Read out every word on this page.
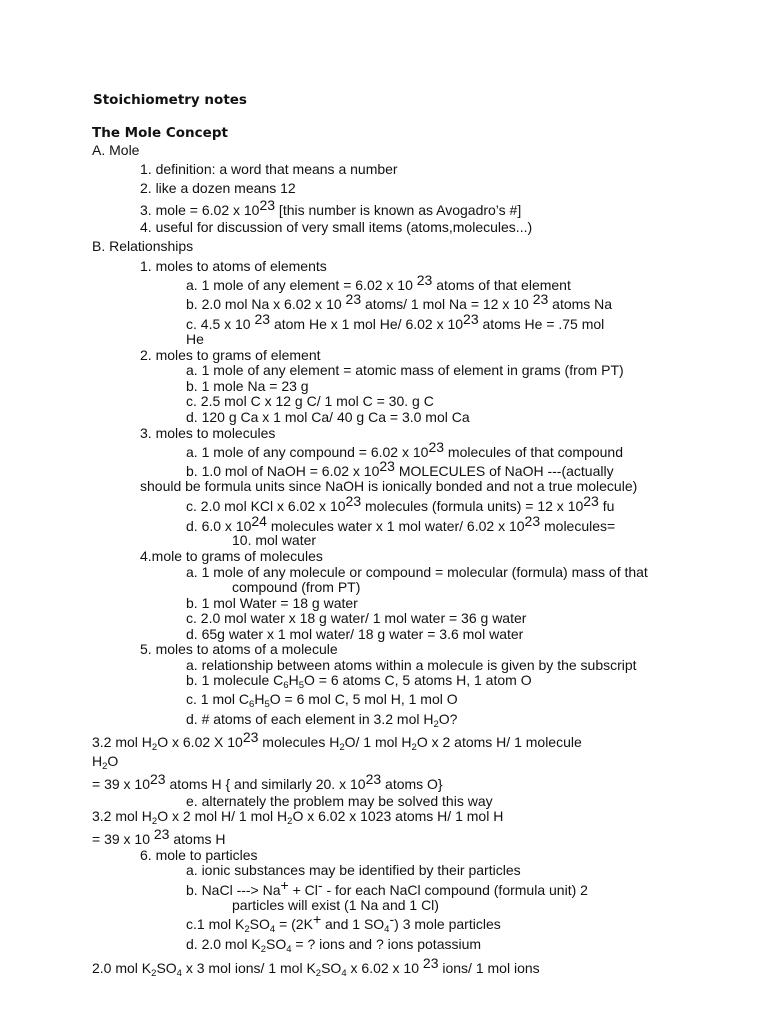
Stoichiometry notes
The Mole Concept
A. Mole
1. definition: a word that means a number
2. like a dozen means 12
3. mole = 6.02 x 1023 [this number is known as Avogadro’s #]
4. useful for discussion of very small items (atoms,molecules...)
B. Relationships
1. moles to atoms of elements
a. 1 mole of any element = 6.02 x 10 23 atoms of that element
b. 2.0 mol Na x 6.02 x 10 23 atoms/ 1 mol Na = 12 x 10 23 atoms Na
c. 4.5 x 10 23 atom He x 1 mol He/ 6.02 x 1023 atoms He = .75 mol
He
2. moles to grams of element
a. 1 mole of any element = atomic mass of element in grams (from PT)
b. 1 mole Na = 23 g
c. 2.5 mol C x 12 g C/ 1 mol C = 30. g C
d. 120 g Ca x 1 mol Ca/ 40 g Ca = 3.0 mol Ca
3. moles to molecules
a. 1 mole of any compound = 6.02 x 1023 molecules of that compound
b. 1.0 mol of NaOH = 6.02 x 1023 MOLECULES of NaOH ---(actually
should be formula units since NaOH is ionically bonded and not a true molecule)
c. 2.0 mol KCl x 6.02 x 1023 molecules (formula units) = 12 x 1023 fu
d. 6.0 x 1024 molecules water x 1 mol water/ 6.02 x 1023 molecules=
10. mol water
4.mole to grams of molecules
a. 1 mole of any molecule or compound = molecular (formula) mass of that
compound (from PT)
b. 1 mol Water = 18 g water
c. 2.0 mol water x 18 g water/ 1 mol water = 36 g water
d. 65g water x 1 mol water/ 18 g water = 3.6 mol water
5. moles to atoms of a molecule
a. relationship between atoms within a molecule is given by the subscript
b. 1 molecule $C_6H_5O = 6$ atoms C, 5 atoms H, 1 atom O
c. 1 mol $C_6H_5O = 6$ mol C, 5 mol H, 1 mol O
d. # atoms of each element in 3.2 mol $H_2O$?
3.2 mol $H_2O$ x 6.02 X 1023 molecules $H_2O/$ 1 mol $H_2O$ x 2 atoms H/ 1 molecule
$H_2O$
= 39 x 1023 atoms H { and similarly 20. x 1023 atoms O}
e. alternately the problem may be solved this way
3.2 mol $H_2O$ x 2 mol H/ 1 mol $H_2O$ x 6.02 x 1023 atoms H/ 1 mol H
= 39 x 10 23 atoms H
6. mole to particles
a. ionic substances may be identified by their particles
b. NaCl ---> Na+ + Cl- - for each NaCl compound (formula unit) 2
particles will exist (1 Na and 1 Cl)
c.1 mol $K_2SO_4 = (2K+$ and 1 $SO_4-$) 3 mole particles
d. 2.0 mol $K_2SO_4$ = ? ions and ? ions potassium
2.0 mol $K_2SO_4$ x 3 mol ions/ 1 mol $K_2SO_4$ x 6.02 x 10 23 ions/ 1 mol ions
